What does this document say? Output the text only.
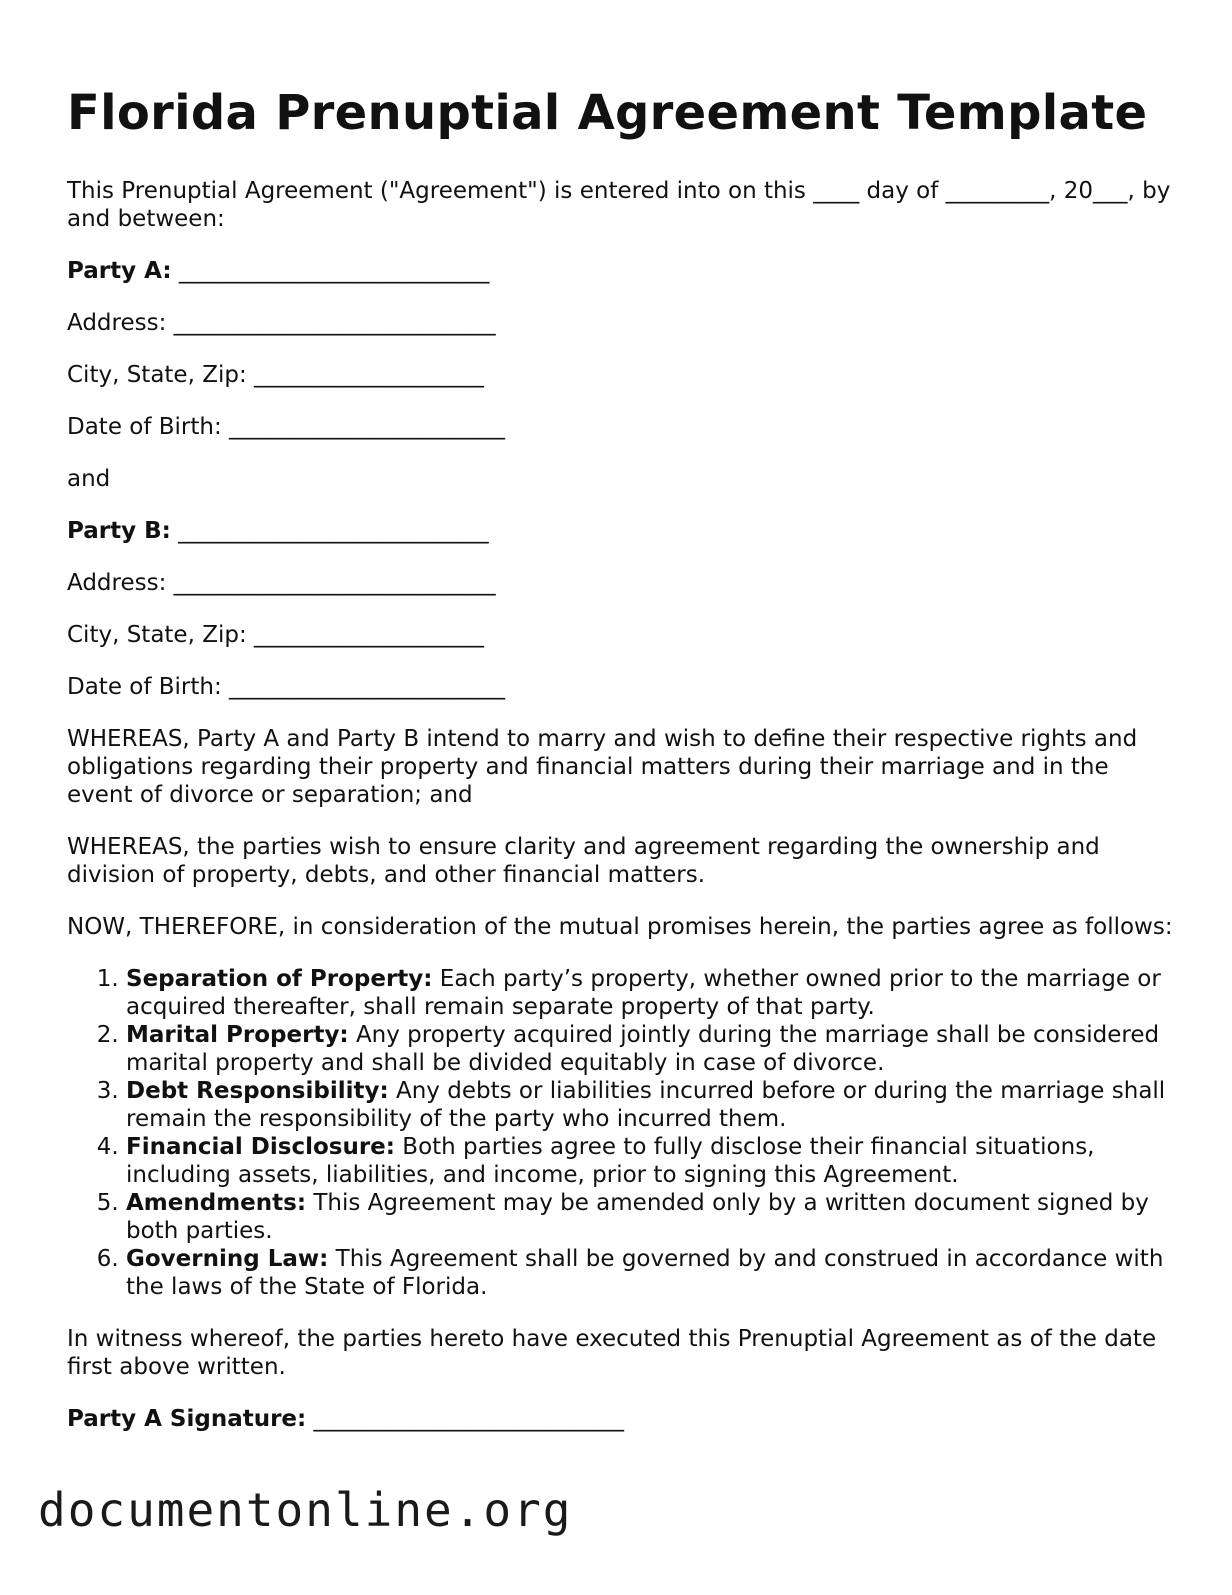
Florida Prenuptial Agreement Template

This Prenuptial Agreement ("Agreement") is entered into on this ____ day of _________, 20___, by and between:

Party A: ___________________________

Address: ____________________________

City, State, Zip: ____________________

Date of Birth: ________________________

and

Party B: ___________________________

Address: ____________________________

City, State, Zip: ____________________

Date of Birth: ________________________

WHEREAS, Party A and Party B intend to marry and wish to define their respective rights and obligations regarding their property and financial matters during their marriage and in the event of divorce or separation; and

WHEREAS, the parties wish to ensure clarity and agreement regarding the ownership and division of property, debts, and other financial matters.

NOW, THEREFORE, in consideration of the mutual promises herein, the parties agree as follows:

1. Separation of Property: Each party’s property, whether owned prior to the marriage or acquired thereafter, shall remain separate property of that party.
2. Marital Property: Any property acquired jointly during the marriage shall be considered marital property and shall be divided equitably in case of divorce.
3. Debt Responsibility: Any debts or liabilities incurred before or during the marriage shall remain the responsibility of the party who incurred them.
4. Financial Disclosure: Both parties agree to fully disclose their financial situations, including assets, liabilities, and income, prior to signing this Agreement.
5. Amendments: This Agreement may be amended only by a written document signed by both parties.
6. Governing Law: This Agreement shall be governed by and construed in accordance with the laws of the State of Florida.

In witness whereof, the parties hereto have executed this Prenuptial Agreement as of the date first above written.

Party A Signature: ___________________________

documentonline.org
